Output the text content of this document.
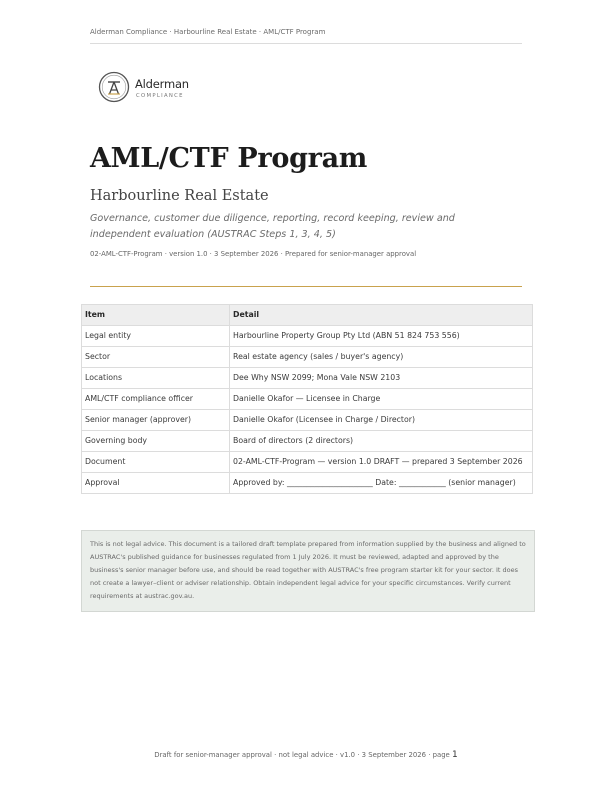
Alderman Compliance · Harbourline Real Estate · AML/CTF Program
Alderman
COMPLIANCE
AML/CTF Program
Harbourline Real Estate

Governance, customer due diligence, reporting, record keeping, review and independent evaluation (AUSTRAC Steps 1, 3, 4, 5)

02-AML-CTF-Program · version 1.0 · 3 September 2026 · Prepared for senior-manager approval
Item	Detail
Legal entity	Harbourline Property Group Pty Ltd (ABN 51 824 753 556)
Sector	Real estate agency (sales / buyer's agency)
Locations	Dee Why NSW 2099; Mona Vale NSW 2103
AML/CTF compliance officer	Danielle Okafor — Licensee in Charge
Senior manager (approver)	Danielle Okafor (Licensee in Charge / Director)
Governing body	Board of directors (2 directors)
Document	02-AML-CTF-Program — version 1.0 DRAFT — prepared 3 September 2026
Approval	Approved by: ______________________ Date: ____________ (senior manager)
This is not legal advice. This document is a tailored draft template prepared from information supplied by the business and aligned to AUSTRAC's published guidance for businesses regulated from 1 July 2026. It must be reviewed, adapted and approved by the business's senior manager before use, and should be read together with AUSTRAC's free program starter kit for your sector. It does not create a lawyer–client or adviser relationship. Obtain independent legal advice for your specific circumstances. Verify current requirements at austrac.gov.au.
Draft for senior-manager approval · not legal advice · v1.0 · 3 September 2026 · page 1
